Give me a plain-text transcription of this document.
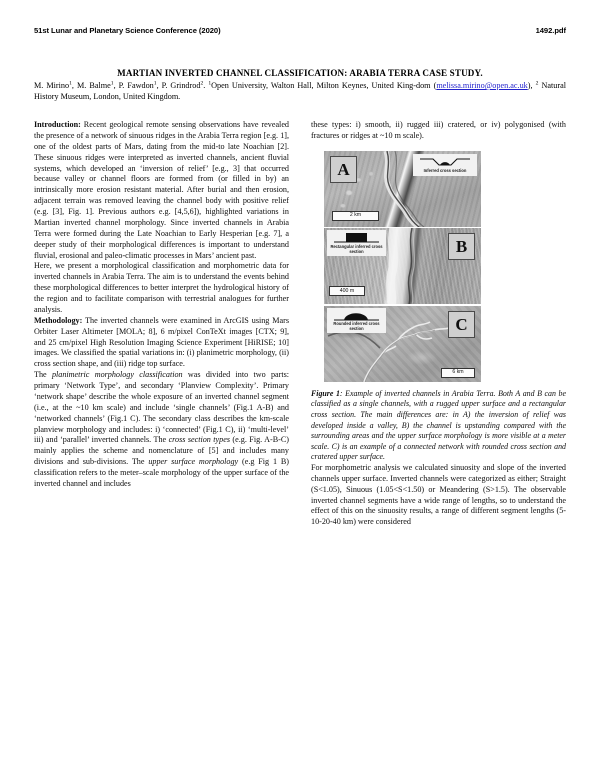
51st Lunar and Planetary Science Conference (2020)	1492.pdf
MARTIAN INVERTED CHANNEL CLASSIFICATION: ARABIA TERRA CASE STUDY.

M. Mirino$^1$, M. Balme$^1$, P. Fawdon$^1$, P. Grindrod$^2$. $^1$Open University, Walton Hall, Milton Keynes, United King-dom (melissa.mirino@open.ac.uk), $^2$ Natural History Museum, London, United Kingdom.

Introduction: Recent geological remote sensing observations have revealed the presence of a network of sinuous ridges in the Arabia Terra region [e.g. 1], one of the oldest parts of Mars, dating from the mid-to late Noachian [2]. These sinuous ridges were interpreted as inverted channels, ancient fluvial systems, which developed an ‘inversion of relief’ [e.g., 3] that occurred because valley or channel floors are formed from (or filled in by) an intrinsically more erosion resistant material. After burial and then erosion, adjacent terrain was removed leaving the channel body with positive relief (e.g. [3], Fig. 1]. Previous authors e.g. [4,5,6]), highlighted variations in Martian inverted channel morphology. Since inverted channels in Arabia Terra were formed during the Late Noachian to Early Hesperian [e.g. 7], a deeper study of their morphological differences is important to understand fluvial, erosional and paleo-climatic processes in Mars’ ancient past.

Here, we present a morphological classification and morphometric data for inverted channels in Arabia Terra. The aim is to understand the events behind these morphological differences to better interpret the hydrological history of the region and to facilitate comparison with terrestrial analogues for further analysis.

Methodology: The inverted channels were examined in ArcGIS using Mars Orbiter Laser Altimeter [MOLA; 8], 6 m/pixel ConTeXt images [CTX; 9], and 25 cm/pixel High Resolution Imaging Science Experiment [HiRISE; 10] images. We classified the spatial variations in: (i) planimetric morphology, (ii) cross section shape, and (iii) ridge top surface.

The planimetric morphology classification was divided into two parts: primary ‘Network Type’, and secondary ‘Planview Complexity’. Primary ‘network shape’ describe the whole exposure of an inverted channel segment (i.e., at the ~10 km scale) and include ‘single channels’ (Fig.1 A-B) and ‘networked channels’ (Fig.1 C). The secondary class describes the km-scale planview morphology and includes: i) ‘connected’ (Fig.1 C), ii) ‘multi-level’ iii) and ‘parallel’ inverted channels. The cross section types (e.g. Fig. A-B-C) mainly applies the scheme and nomenclature of [5] and includes many divisions and sub-divisions. The upper surface morphology (e.g Fig 1 B) classification refers to the meter–scale morphology of the upper surface of the inverted channel and includes

these types: i) smooth, ii) rugged iii) cratered, or iv) polygonised (with fractures or ridges at ~10 m scale).

A	Inferred cross section
2 km
B
Rectangular inferred cross section
400 m
C
Rounded inferred cross section
6 km
Figure 1: Example of inverted channels in Arabia Terra. Both A and B can be classified as a single channels, with a rugged upper surface and a rectangular cross section. The main differences are: in A) the inversion of relief was developed inside a valley, B) the channel is upstanding compared with the surrounding areas and the upper surface morphology is more visible at a meter scale. C) is an example of a connected network with rounded cross section and cratered upper surface.

For morphometric analysis we calculated sinuosity and slope of the inverted channels upper surface. Inverted channels were categorized as either; Straight (S<1.05), Sinuous (1.05<S<1.50) or Meandering (S>1.5). The observable inverted channel segments have a wide range of lengths, so to understand the effect of this on the sinuosity results, a range of different segment lengths (5-10-20-40 km) were considered
